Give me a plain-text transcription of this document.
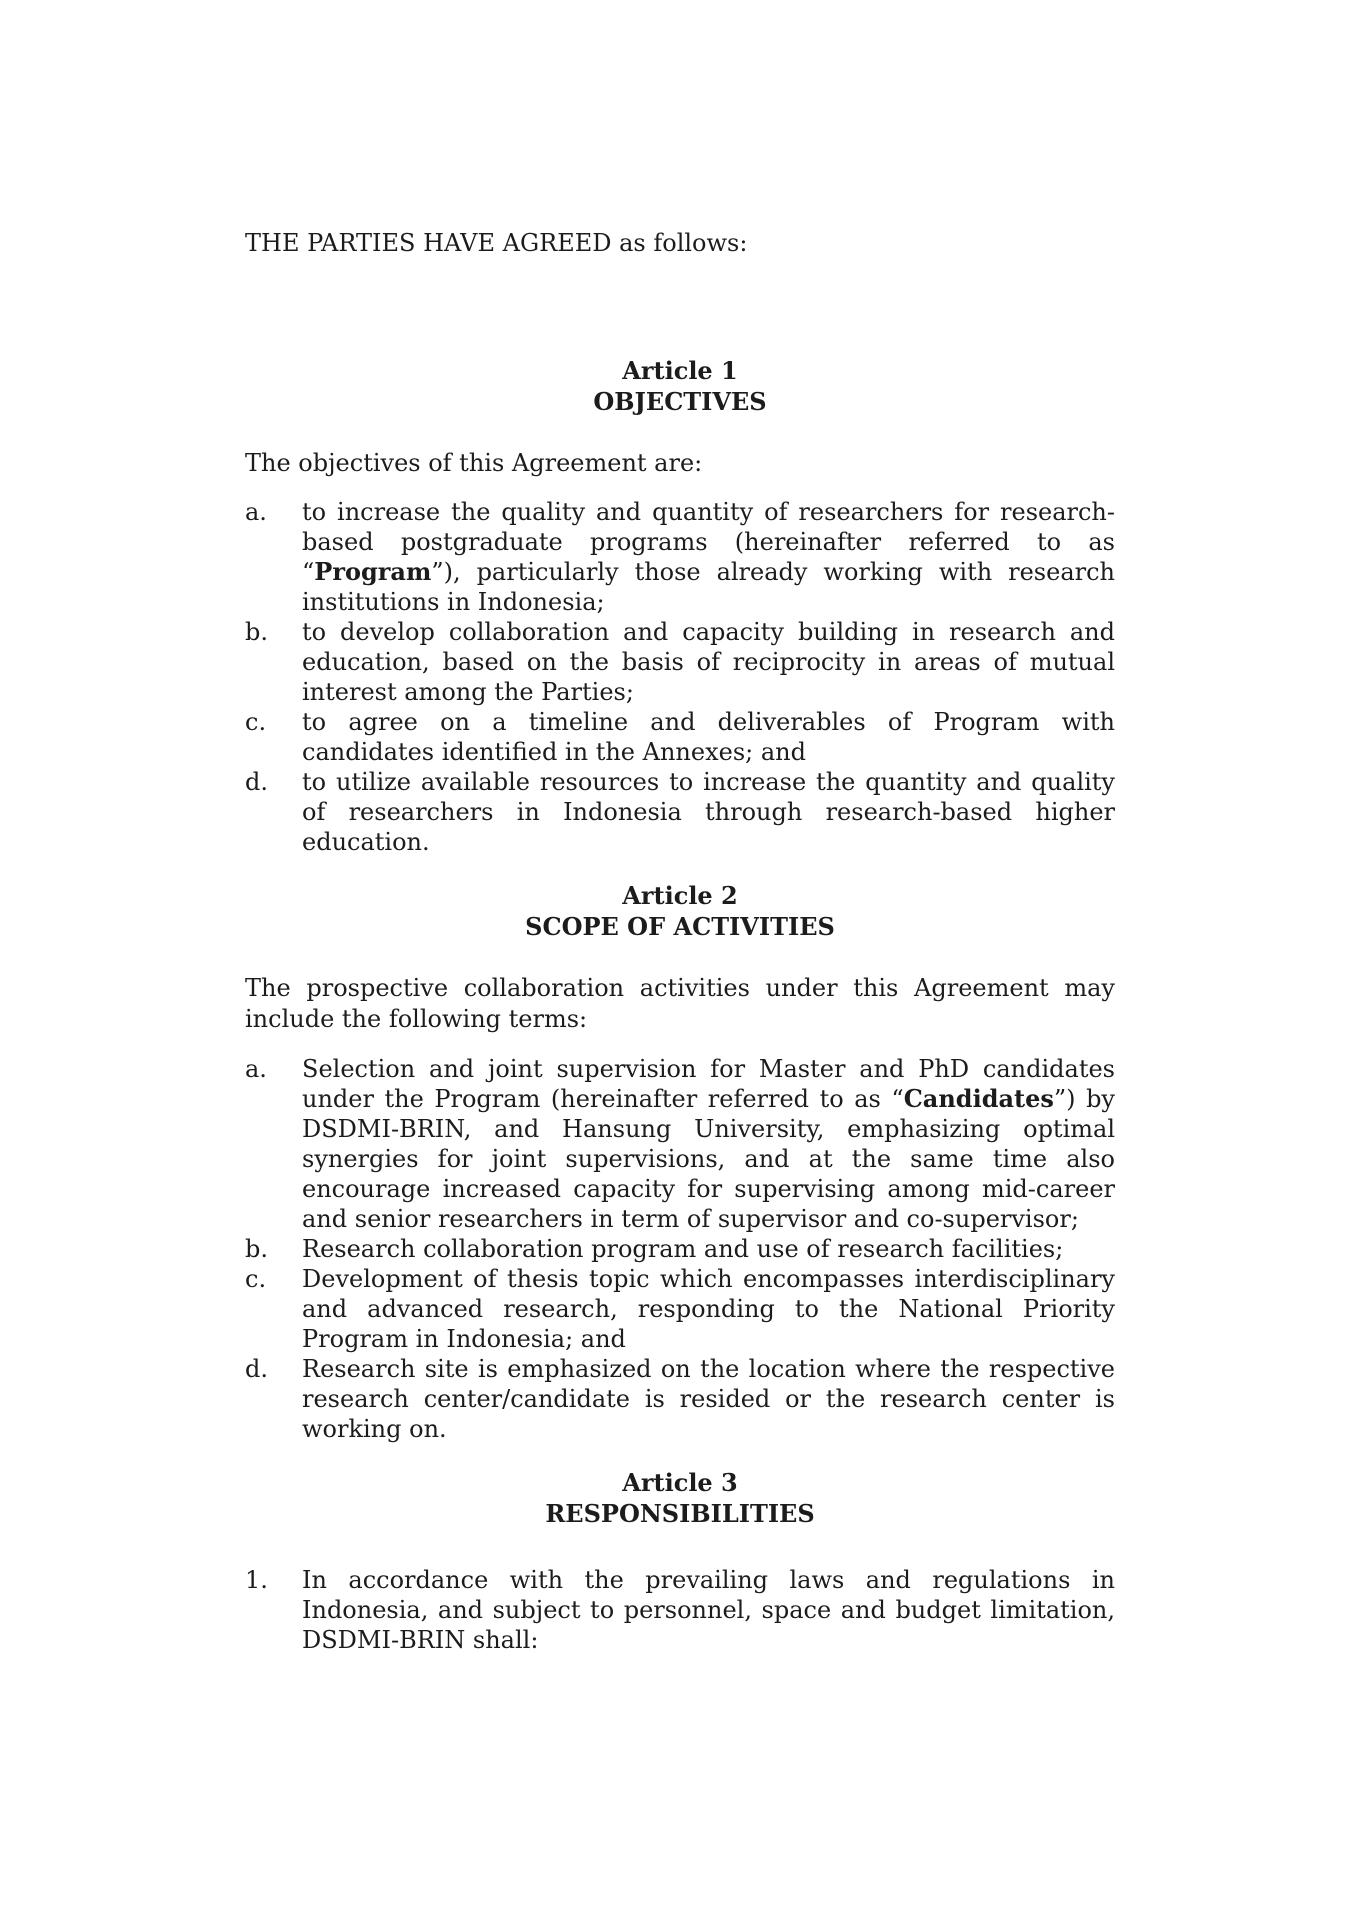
THE PARTIES HAVE AGREED as follows:

Article 1
OBJECTIVES

The objectives of this Agreement are:

a. to increase the quality and quantity of researchers for research-based postgraduate programs (hereinafter referred to as “Program”), particularly those already working with research institutions in Indonesia;
b. to develop collaboration and capacity building in research and education, based on the basis of reciprocity in areas of mutual interest among the Parties;
c. to agree on a timeline and deliverables of Program with candidates identified in the Annexes; and
d. to utilize available resources to increase the quantity and quality of researchers in Indonesia through research-based higher education.
Article 2
SCOPE OF ACTIVITIES

The prospective collaboration activities under this Agreement may include the following terms:

a. Selection and joint supervision for Master and PhD candidates under the Program (hereinafter referred to as “Candidates”) by DSDMI-BRIN, and Hansung University, emphasizing optimal synergies for joint supervisions, and at the same time also encourage increased capacity for supervising among mid-career and senior researchers in term of supervisor and co-supervisor;
b. Research collaboration program and use of research facilities;
c. Development of thesis topic which encompasses interdisciplinary and advanced research, responding to the National Priority Program in Indonesia; and
d. Research site is emphasized on the location where the respective research center/candidate is resided or the research center is working on.
Article 3
RESPONSIBILITIES
1. In accordance with the prevailing laws and regulations in Indonesia, and subject to personnel, space and budget limitation, DSDMI-BRIN shall:
